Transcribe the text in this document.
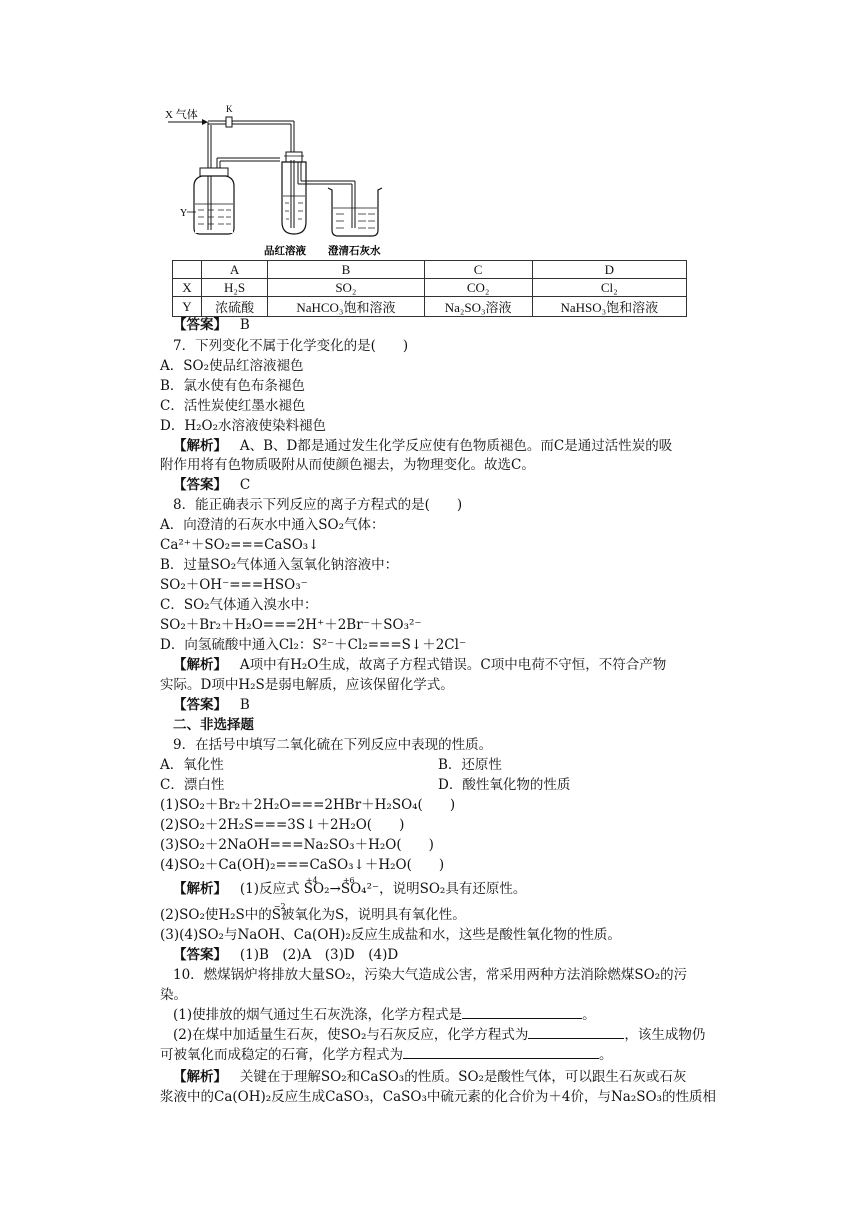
X 气体	K
Y
品红溶液 澄清石灰水
	A	B	C	D
X	H₂S	SO₂	CO₂	Cl₂
Y	浓硫酸	NaHCO₃饱和溶液	Na₂SO₃溶液	NaHSO₃饱和溶液
【答案】 B
7．下列变化不属于化学变化的是(　　)
A．SO₂使品红溶液褪色
B．氯水使有色布条褪色
C．活性炭使红墨水褪色
D．H₂O₂水溶液使染料褪色
【解析】 A、B、D都是通过发生化学反应使有色物质褪色。而C是通过活性炭的吸
附作用将有色物质吸附从而使颜色褪去，为物理变化。故选C。
【答案】 C
8．能正确表示下列反应的离子方程式的是(　　)
A．向澄清的石灰水中通入SO₂气体：
Ca²⁺＋SO₂===CaSO₃↓
B．过量SO₂气体通入氢氧化钠溶液中：
SO₂＋OH⁻===HSO₃⁻
C．SO₂气体通入溴水中：
SO₂＋Br₂＋H₂O===2H⁺＋2Br⁻＋SO₃²⁻
D．向氢硫酸中通入Cl₂：S²⁻＋Cl₂===S↓＋2Cl⁻
【解析】 A项中有H₂O生成，故离子方程式错误。C项中电荷不守恒，不符合产物
实际。D项中H₂S是弱电解质，应该保留化学式。
【答案】 B
二、非选择题
9．在括号中填写二氧化硫在下列反应中表现的性质。
A．氧化性	B．还原性
C．漂白性	D．酸性氧化物的性质
(1)SO₂＋Br₂＋2H₂O===2HBr＋H₂SO₄(　　)
(2)SO₂＋2H₂S===3S↓＋2H₂O(　　)
(3)SO₂＋2NaOH===Na₂SO₃＋H₂O(　　)
(4)SO₂＋Ca(OH)₂===CaSO₃↓＋H₂O(　　)
【解析】 (1)反应式
+4
SO₂→
+6
SO₄²⁻，说明SO₂具有还原性。
(2)SO₂使H₂S中的
−2
S被氧化为S，说明具有氧化性。
(3)(4)SO₂与NaOH、Ca(OH)₂反应生成盐和水，这些是酸性氧化物的性质。
【答案】 (1)B　(2)A　(3)D　(4)D
10．燃煤锅炉将排放大量SO₂，污染大气造成公害，常采用两种方法消除燃煤SO₂的污
染。
(1)使排放的烟气通过生石灰洗涤，化学方程式是	。
(2)在煤中加适量生石灰，使SO₂与石灰反应，化学方程式为	，该生成物仍
可被氧化而成稳定的石膏，化学方程式为	。
【解析】 关键在于理解SO₂和CaSO₃的性质。SO₂是酸性气体，可以跟生石灰或石灰
浆液中的Ca(OH)₂反应生成CaSO₃，CaSO₃中硫元素的化合价为＋4价，与Na₂SO₃的性质相
